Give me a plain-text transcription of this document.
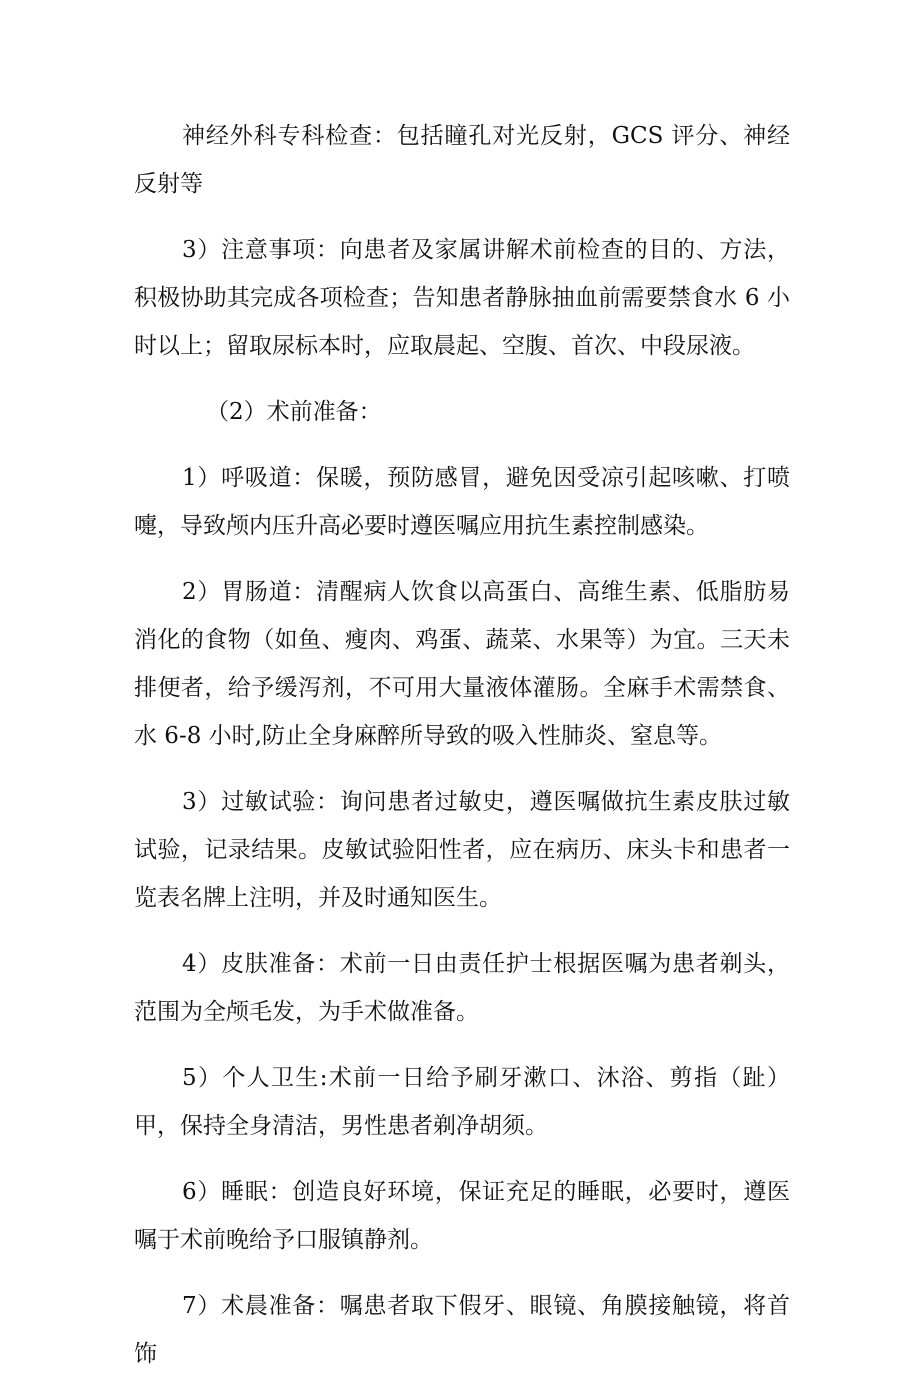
神经外科专科检查：包括瞳孔对光反射，GCS 评分、神经反射等

3）注意事项：向患者及家属讲解术前检查的目的、方法，积极协助其完成各项检查；告知患者静脉抽血前需要禁食水 6 小时以上；留取尿标本时，应取晨起、空腹、首次、中段尿液。

（2）术前准备：

1）呼吸道：保暖，预防感冒，避免因受凉引起咳嗽、打喷嚏，导致颅内压升高必要时遵医嘱应用抗生素控制感染。

2）胃肠道：清醒病人饮食以高蛋白、高维生素、低脂肪易消化的食物（如鱼、瘦肉、鸡蛋、蔬菜、水果等）为宜。三天未排便者，给予缓泻剂，不可用大量液体灌肠。全麻手术需禁食、水 6-8 小时,防止全身麻醉所导致的吸入性肺炎、窒息等。

3）过敏试验：询问患者过敏史，遵医嘱做抗生素皮肤过敏试验，记录结果。皮敏试验阳性者，应在病历、床头卡和患者一览表名牌上注明，并及时通知医生。

4）皮肤准备：术前一日由责任护士根据医嘱为患者剃头，范围为全颅毛发，为手术做准备。

5）个人卫生:术前一日给予刷牙漱口、沐浴、剪指（趾）甲，保持全身清洁，男性患者剃净胡须。

6）睡眠：创造良好环境，保证充足的睡眠，必要时，遵医嘱于术前晚给予口服镇静剂。

7）术晨准备：嘱患者取下假牙、眼镜、角膜接触镜，将首饰
